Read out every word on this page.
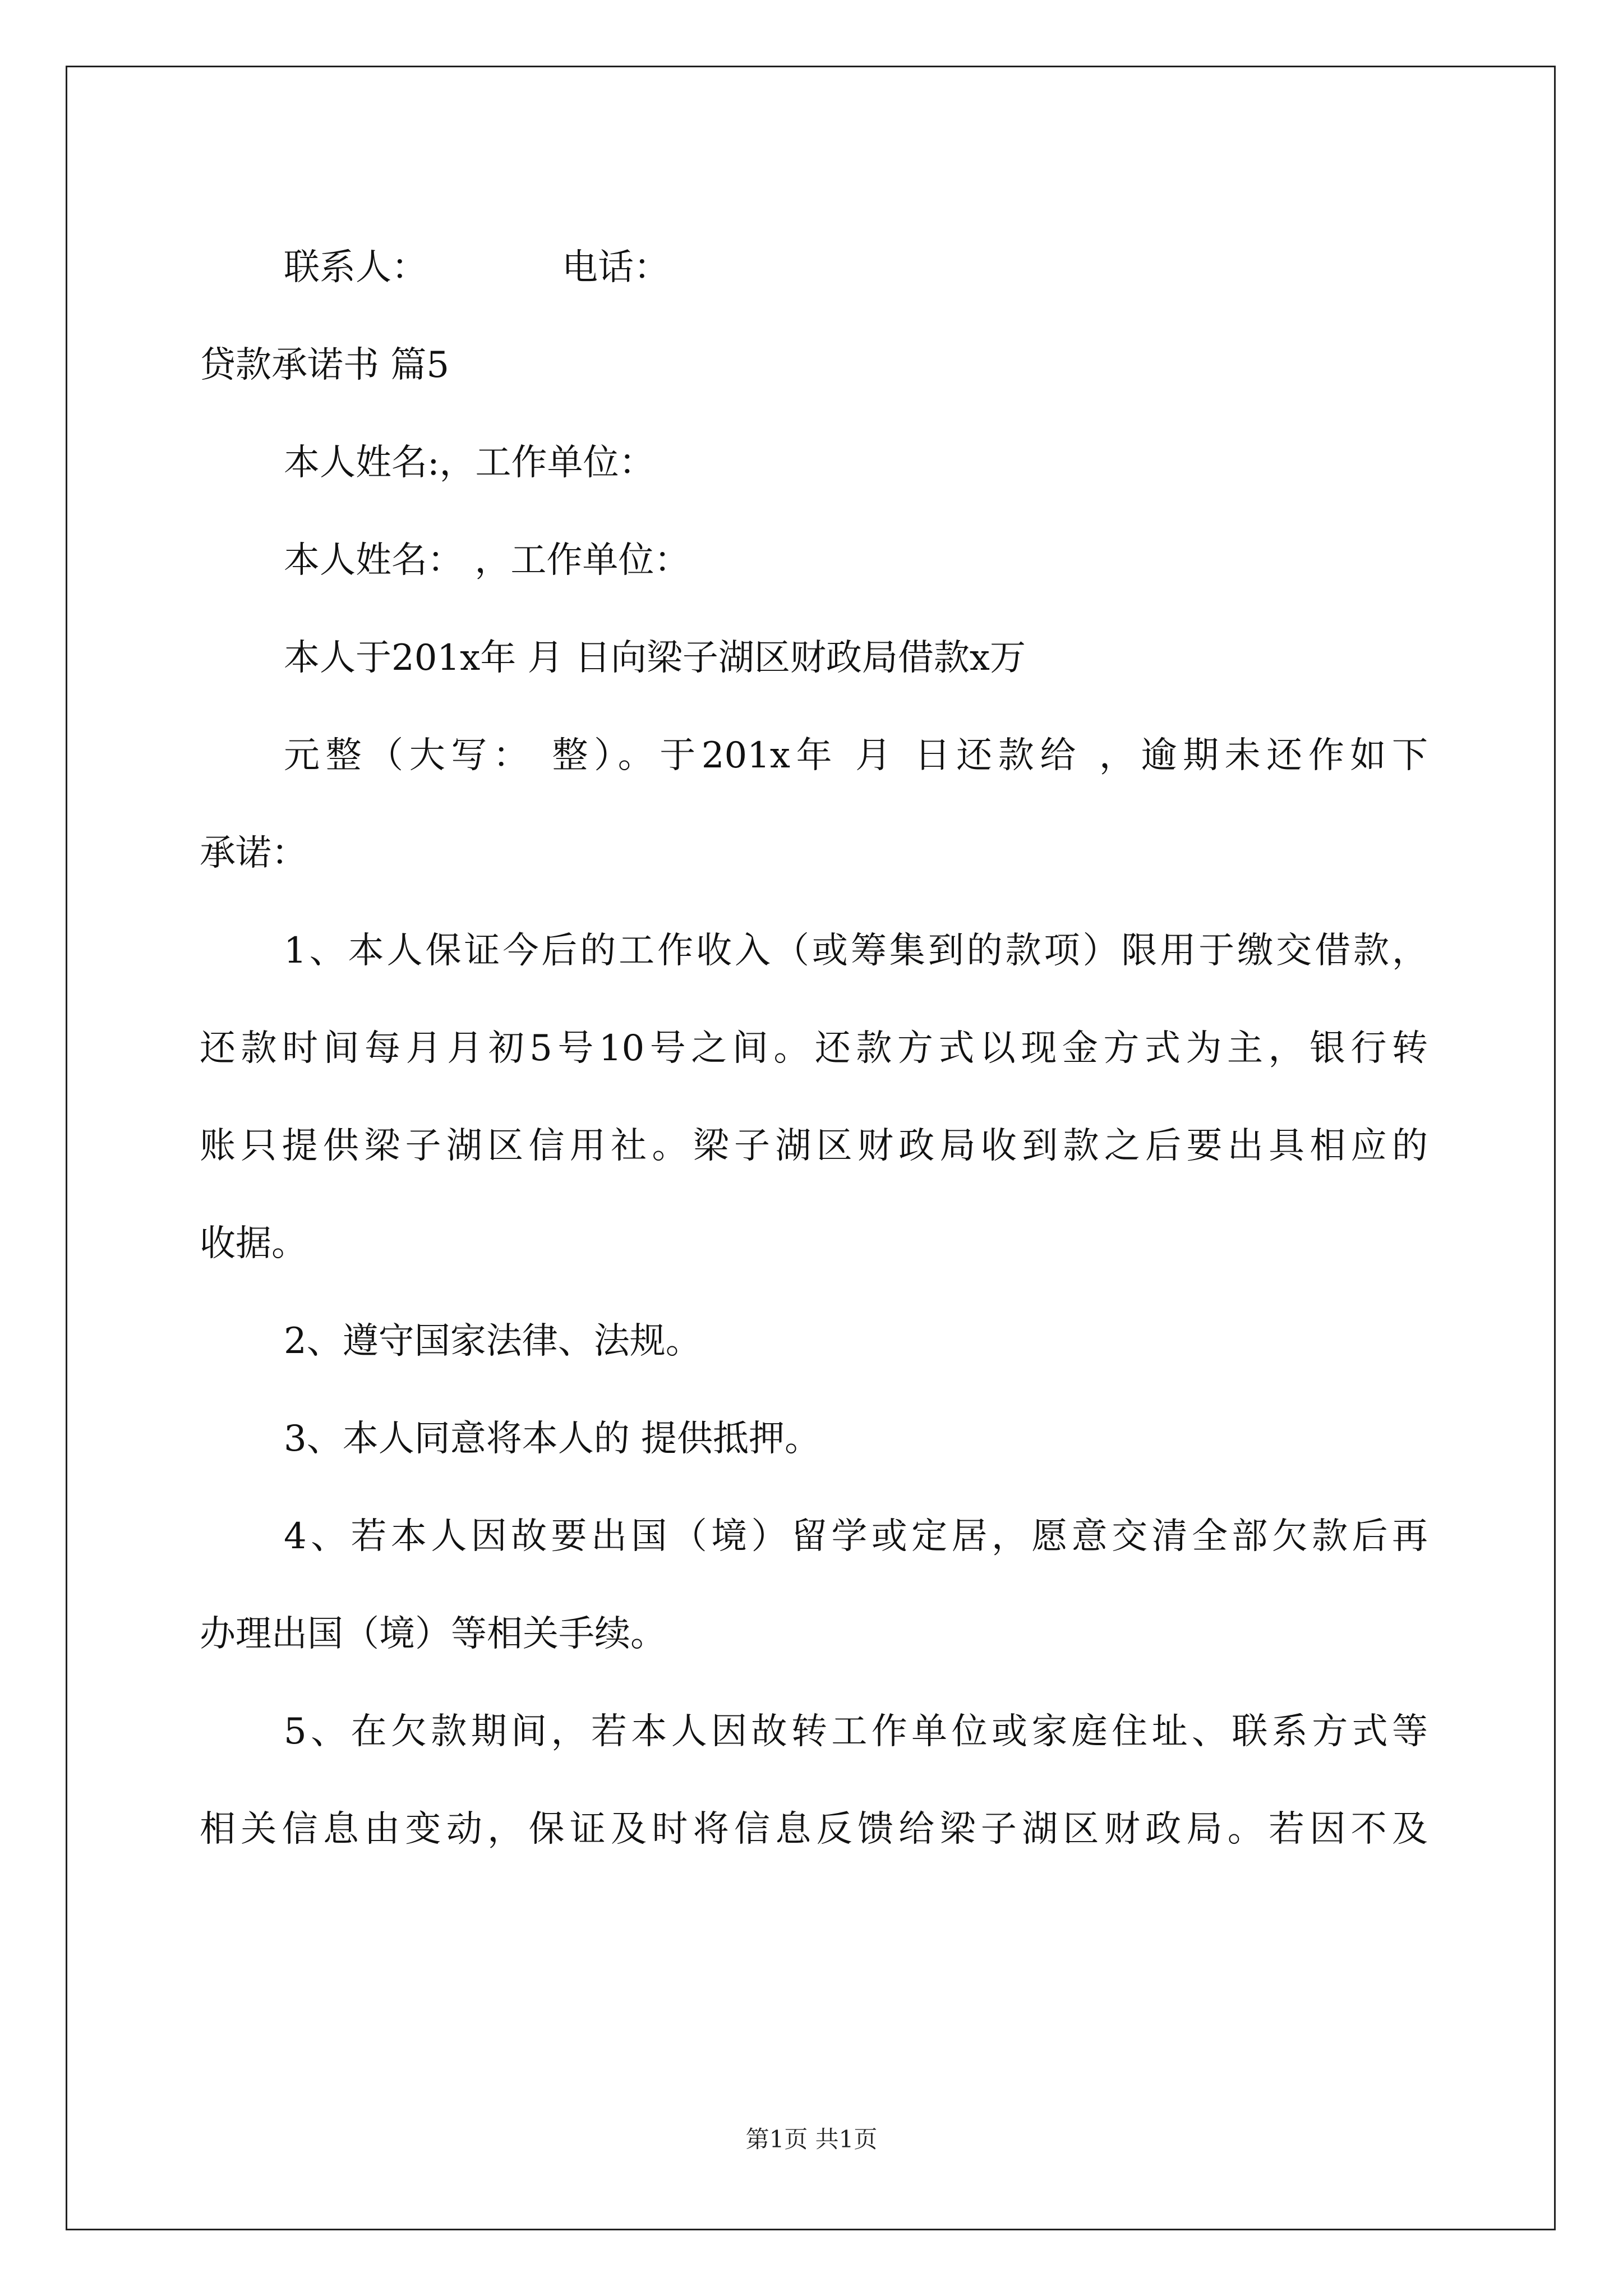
联系人：	电话：
贷款承诺书 篇5
本人姓名:，工作单位：
本人姓名： ，工作单位：
本人于201x年 月 日向梁子湖区财政局借款x万
元整（大写： 整）。于201x年 月 日还款给 ，逾期未还作如下
承诺：
1、本人保证今后的工作收入（或筹集到的款项）限用于缴交借款，
还款时间每月月初5号10号之间。还款方式以现金方式为主，银行转
账只提供梁子湖区信用社。梁子湖区财政局收到款之后要出具相应的
收据。
2、遵守国家法律、法规。
3、本人同意将本人的 提供抵押。
4、若本人因故要出国（境）留学或定居，愿意交清全部欠款后再
办理出国（境）等相关手续。
5、在欠款期间，若本人因故转工作单位或家庭住址、联系方式等
相关信息由变动，保证及时将信息反馈给梁子湖区财政局。若因不及
第1页 共1页
